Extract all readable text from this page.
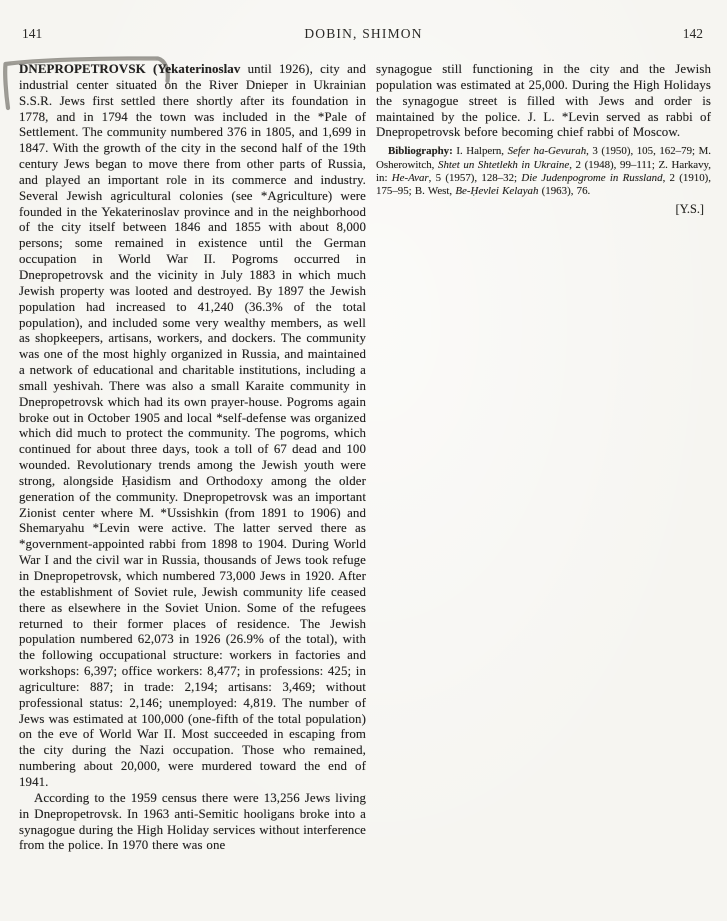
141	DOBIN, SHIMON	142

DNEPROPETROVSK (Yekaterinoslav until 1926), city and industrial center situated on the River Dnieper in Ukrainian S.S.R. Jews first settled there shortly after its foundation in 1778, and in 1794 the town was included in the *Pale of Settlement. The community numbered 376 in 1805, and 1,699 in 1847. With the growth of the city in the second half of the 19th century Jews began to move there from other parts of Russia, and played an important role in its commerce and industry. Several Jewish agricultural colonies (see *Agriculture) were founded in the Yekaterinoslav province and in the neighborhood of the city itself between 1846 and 1855 with about 8,000 persons; some remained in existence until the German occupation in World War II. Pogroms occurred in Dnepropetrovsk and the vicinity in July 1883 in which much Jewish property was looted and destroyed. By 1897 the Jewish population had increased to 41,240 (36.3% of the total population), and included some very wealthy members, as well as shopkeepers, artisans, workers, and dockers. The community was one of the most highly organized in Russia, and maintained a network of educational and charitable institutions, including a small yeshivah. There was also a small Karaite community in Dnepropetrovsk which had its own prayer-house. Pogroms again broke out in October 1905 and local *self-defense was organized which did much to protect the community. The pogroms, which continued for about three days, took a toll of 67 dead and 100 wounded. Revolutionary trends among the Jewish youth were strong, alongside Ḥasidism and Orthodoxy among the older generation of the community. Dnepropetrovsk was an important Zionist center where M. *Ussishkin (from 1891 to 1906) and Shemaryahu *Levin were active. The latter served there as *government-appointed rabbi from 1898 to 1904. During World War I and the civil war in Russia, thousands of Jews took refuge in Dnepropetrovsk, which numbered 73,000 Jews in 1920. After the establishment of Soviet rule, Jewish community life ceased there as elsewhere in the Soviet Union. Some of the refugees returned to their former places of residence. The Jewish population numbered 62,073 in 1926 (26.9% of the total), with the following occupational structure: workers in factories and workshops: 6,397; office workers: 8,477; in professions: 425; in agriculture: 887; in trade: 2,194; artisans: 3,469; without professional status: 2,146; unemployed: 4,819. The number of Jews was estimated at 100,000 (one-fifth of the total population) on the eve of World War II. Most succeeded in escaping from the city during the Nazi occupation. Those who remained, numbering about 20,000, were murdered toward the end of 1941.

According to the 1959 census there were 13,256 Jews living in Dnepropetrovsk. In 1963 anti-Semitic hooligans broke into a synagogue during the High Holiday services without interference from the police. In 1970 there was one

synagogue still functioning in the city and the Jewish population was estimated at 25,000. During the High Holidays the synagogue street is filled with Jews and order is maintained by the police. J. L. *Levin served as rabbi of Dnepropetrovsk before becoming chief rabbi of Moscow.

Bibliography: I. Halpern, Sefer ha-Gevurah, 3 (1950), 105, 162–79; M. Osherowitch, Shtet un Shtetlekh in Ukraine, 2 (1948), 99–111; Z. Harkavy, in: He-Avar, 5 (1957), 128–32; Die Judenpogrome in Russland, 2 (1910), 175–95; B. West, Be-Ḥevlei Kelayah (1963), 76.

[Y.S.]
